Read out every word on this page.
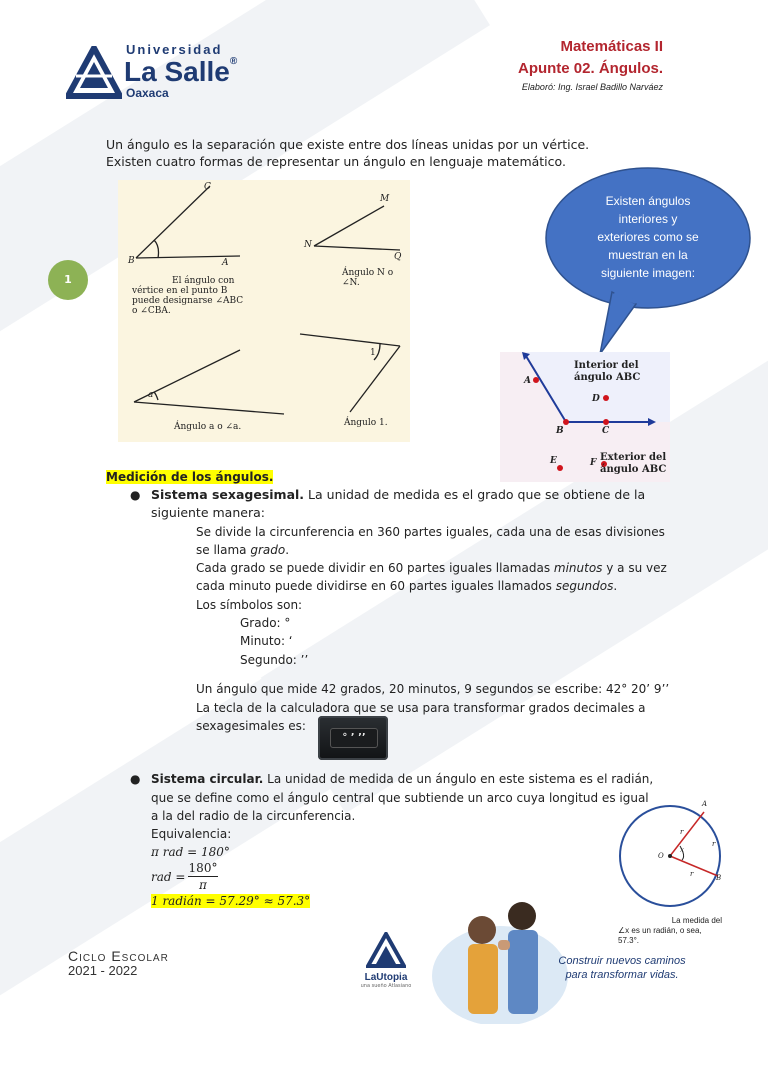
Universidad
La Salle®
Oaxaca
Matemáticas II
Apunte 02. Ángulos.
Elaboró: Ing. Israel Badillo Narváez
1
Un ángulo es la separación que existe entre dos líneas unidas por un vértice.
Existen cuatro formas de representar un ángulo en lenguaje matemático.
C
B	A
M
N
Q
El ángulo con
vértice en el punto B
puede designarse ∠ABC
o ∠CBA.
Ángulo N o ∠N.
1
a
Ángulo a o ∠a.	Ángulo 1.
Existen ángulos
interiores y
exteriores como se
muestran en la
siguiente imagen:
Interior del
ángulo ABC
A
D
B	C
E	F Exterior del
ángulo ABC
Medición de los ángulos.
● Sistema sexagesimal. La unidad de medida es el grado que se obtiene de la
siguiente manera:
Se divide la circunferencia en 360 partes iguales, cada una de esas divisiones
se llama grado.
Cada grado se puede dividir en 60 partes iguales llamadas minutos y a su vez
cada minuto puede dividirse en 60 partes iguales llamados segundos.
Los símbolos son:
Grado: °
Minuto: ‘
Segundo: ’’
Un ángulo que mide 42 grados, 20 minutos, 9 segundos se escribe: 42° 20’ 9’’
La tecla de la calculadora que se usa para transformar grados decimales a
sexagesimales es:
° ’ ’’
● Sistema circular. La unidad de medida de un ángulo en este sistema es el radián,
que se define como el ángulo central que subtiende un arco cuya longitud es igual
a la del radio de la circunferencia.
Equivalencia:
π rad = 180°
rad = $\frac{180^\circ}{\pi}$
1 radián = 57.29° ≈ 57.3°
A
B
O
x
r
r
r
La medida del
∠x es un radián, o sea,
57.3°.
Ciclo Escolar
2021 - 2022	LaUtopia
una sueño Atlasiano
Construir nuevos caminos
para transformar vidas.
